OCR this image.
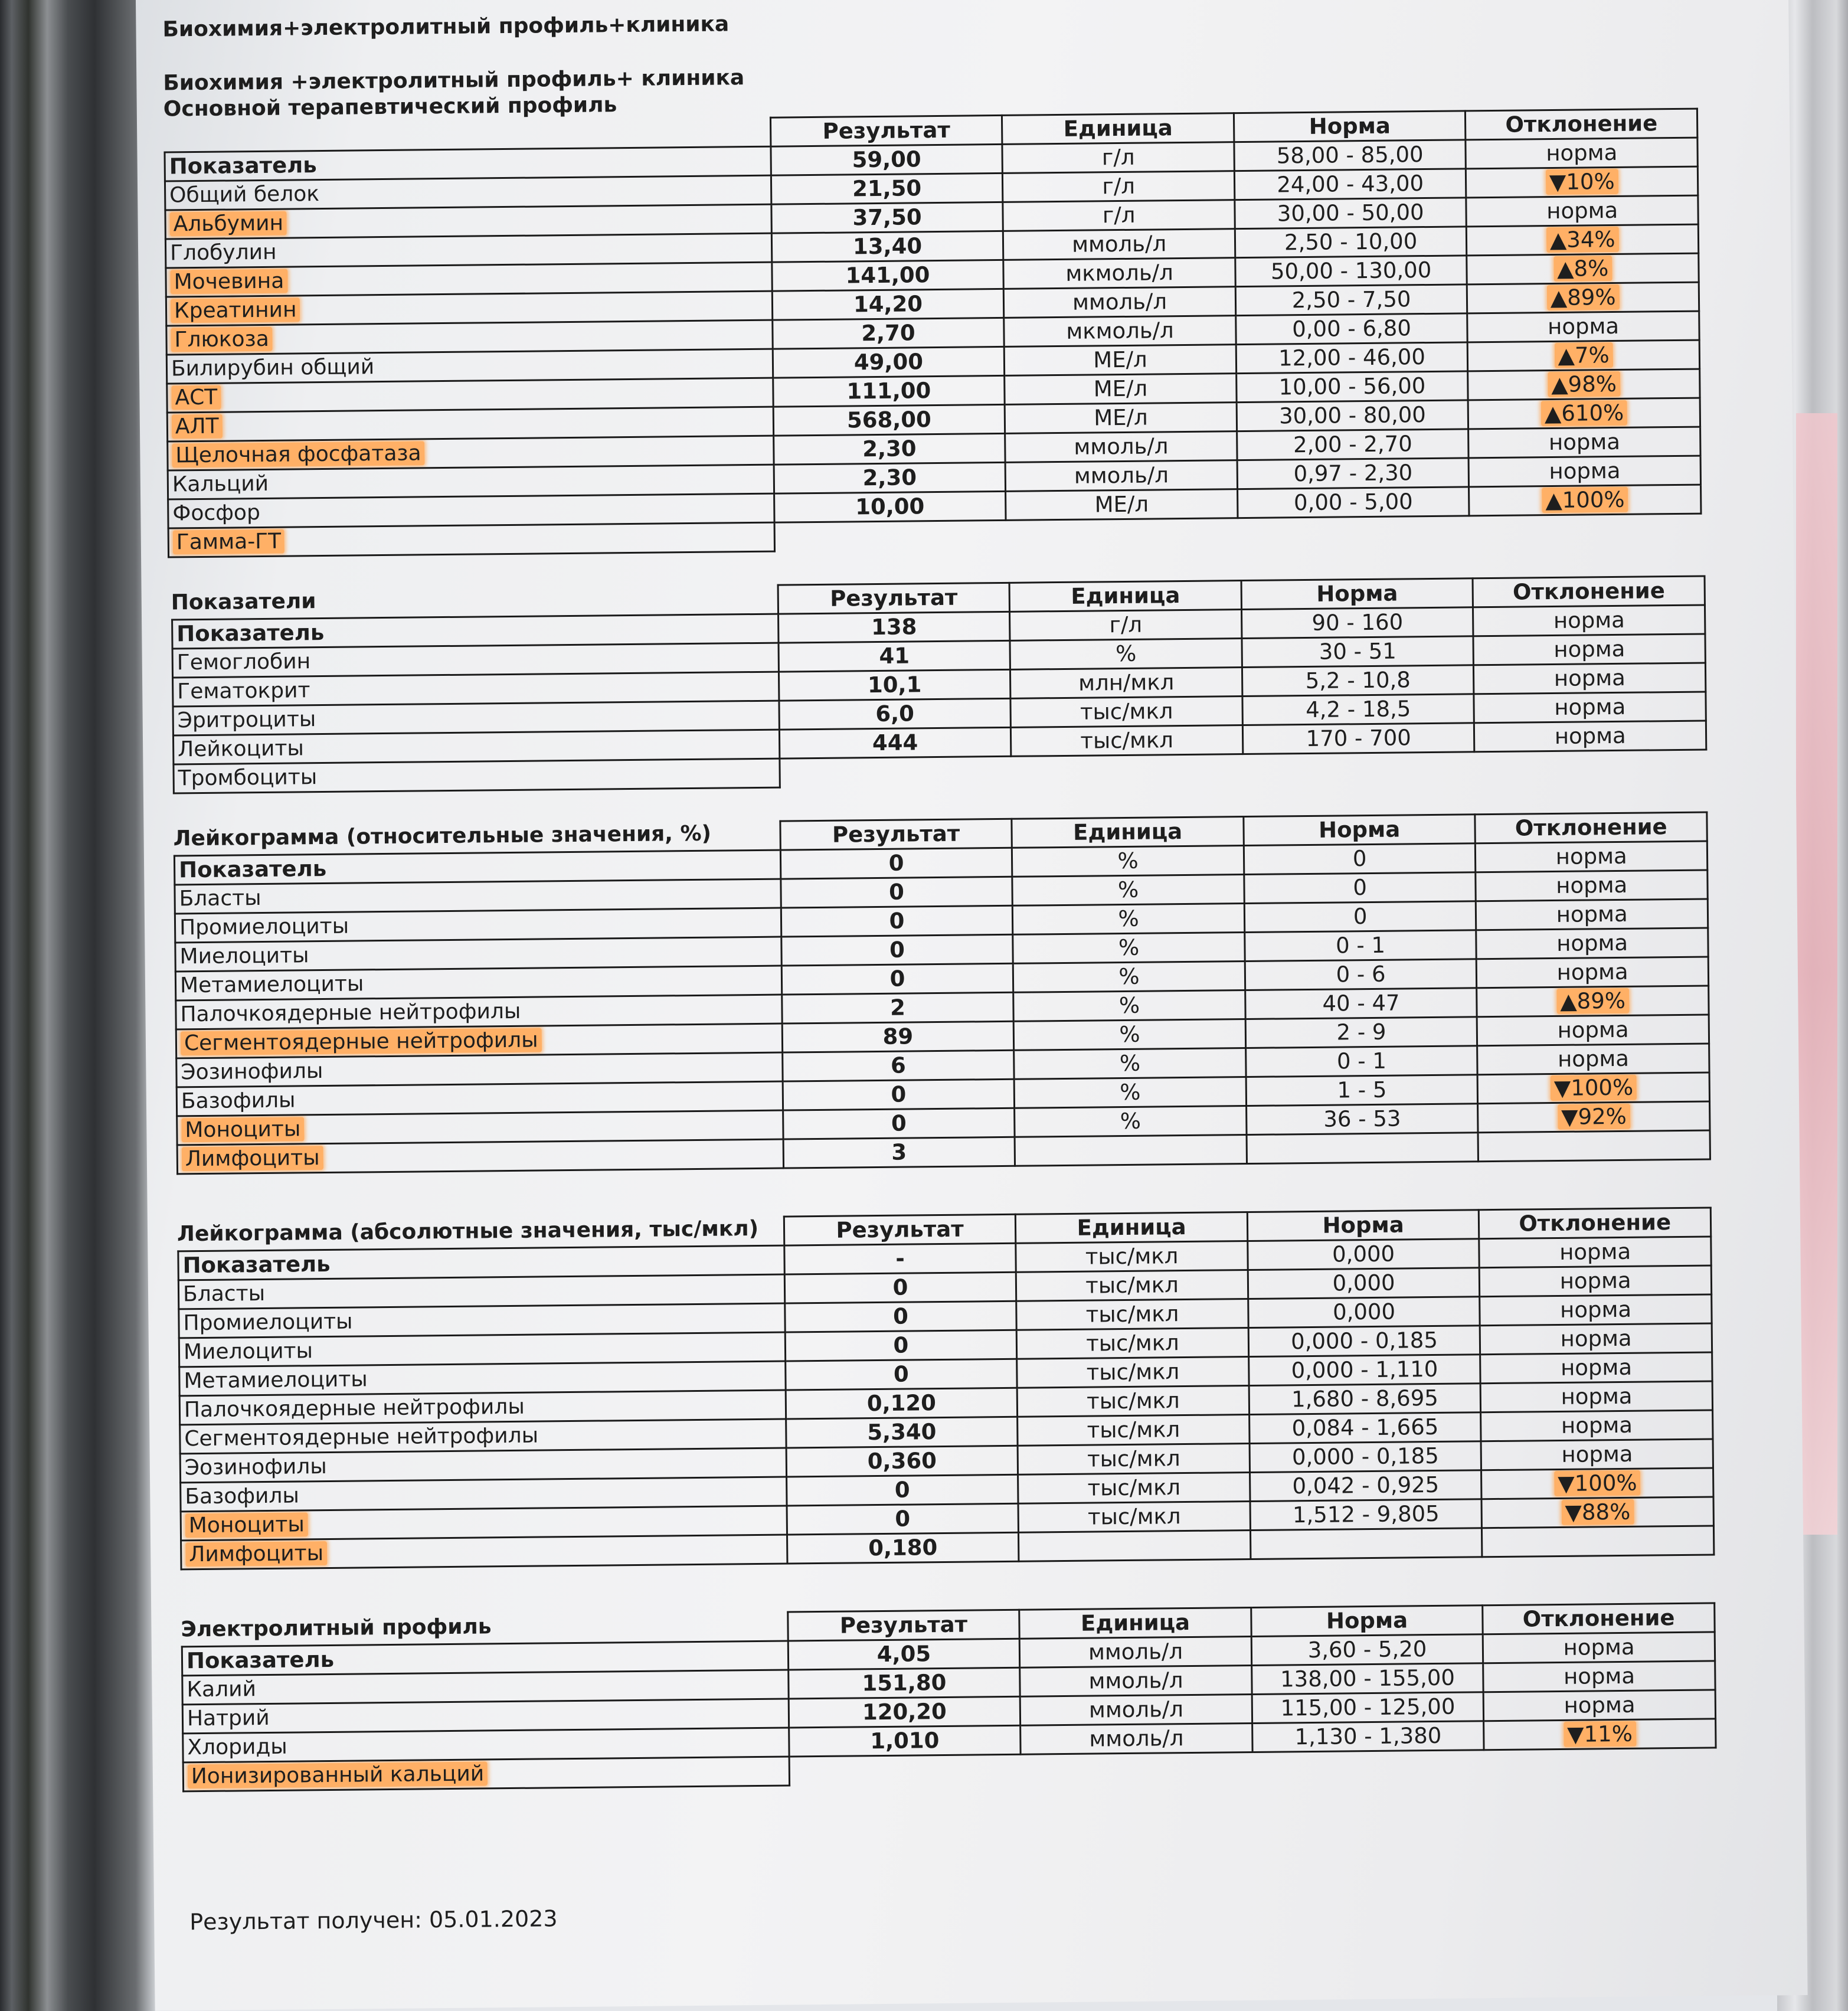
Биохимия+электролитный профиль+клиника
Биохимия +электролитный профиль+ клиника
Основной терапевтический профиль
	Результат	Единица	Норма	Отклонение
Показатель	59,00	г/л	58,00 - 85,00	норма
Общий белок	21,50	г/л	24,00 - 43,00	▼10%
Альбумин	37,50	г/л	30,00 - 50,00	норма
Глобулин	13,40	ммоль/л	2,50 - 10,00	▲34%
Мочевина	141,00	мкмоль/л	50,00 - 130,00	▲8%
Креатинин	14,20	ммоль/л	2,50 - 7,50	▲89%
Глюкоза	2,70	мкмоль/л	0,00 - 6,80	норма
Билирубин общий	49,00	МЕ/л	12,00 - 46,00	▲7%
АСТ	111,00	МЕ/л	10,00 - 56,00	▲98%
АЛТ	568,00	МЕ/л	30,00 - 80,00	▲610%
Щелочная фосфатаза	2,30	ммоль/л	2,00 - 2,70	норма
Кальций	2,30	ммоль/л	0,97 - 2,30	норма
Фосфор	10,00	МЕ/л	0,00 - 5,00	▲100%
Гамма-ГТ				
Показатели
		Результат	Единица	Норма	Отклонение
Показатель	138	г/л	90 - 160	норма
Гемоглобин	41	%	30 - 51	норма
Гематокрит	10,1	млн/мкл	5,2 - 10,8	норма
Эритроциты	6,0	тыс/мкл	4,2 - 18,5	норма
Лейкоциты	444	тыс/мкл	170 - 700	норма
Тромбоциты				
Лейкограмма (относительные значения, %)
		Результат	Единица	Норма	Отклонение
Показатель	0	%	0	норма
Бласты	0	%	0	норма
Промиелоциты	0	%	0	норма
Миелоциты	0	%	0 - 1	норма
Метамиелоциты	0	%	0 - 6	норма
Палочкоядерные нейтрофилы	2	%	40 - 47	▲89%
Сегментоядерные нейтрофилы	89	%	2 - 9	норма
Эозинофилы	6	%	0 - 1	норма
Базофилы	0	%	1 - 5	▼100%
Моноциты	0	%	36 - 53	▼92%
Лимфоциты	3			
Лейкограмма (абсолютные значения, тыс/мкл)
		Результат	Единица	Норма	Отклонение
Показатель	-	тыс/мкл	0,000	норма
Бласты	0	тыс/мкл	0,000	норма
Промиелоциты	0	тыс/мкл	0,000	норма
Миелоциты	0	тыс/мкл	0,000 - 0,185	норма
Метамиелоциты	0	тыс/мкл	0,000 - 1,110	норма
Палочкоядерные нейтрофилы	0,120	тыс/мкл	1,680 - 8,695	норма
Сегментоядерные нейтрофилы	5,340	тыс/мкл	0,084 - 1,665	норма
Эозинофилы	0,360	тыс/мкл	0,000 - 0,185	норма
Базофилы	0	тыс/мкл	0,042 - 0,925	▼100%
Моноциты	0	тыс/мкл	1,512 - 9,805	▼88%
Лимфоциты	0,180			
Электролитный профиль
		Результат	Единица	Норма	Отклонение
Показатель	4,05	ммоль/л	3,60 - 5,20	норма
Калий	151,80	ммоль/л	138,00 - 155,00	норма
Натрий	120,20	ммоль/л	115,00 - 125,00	норма
Хлориды	1,010	ммоль/л	1,130 - 1,380	▼11%
Ионизированный кальций				
Результат получен: 05.01.2023
